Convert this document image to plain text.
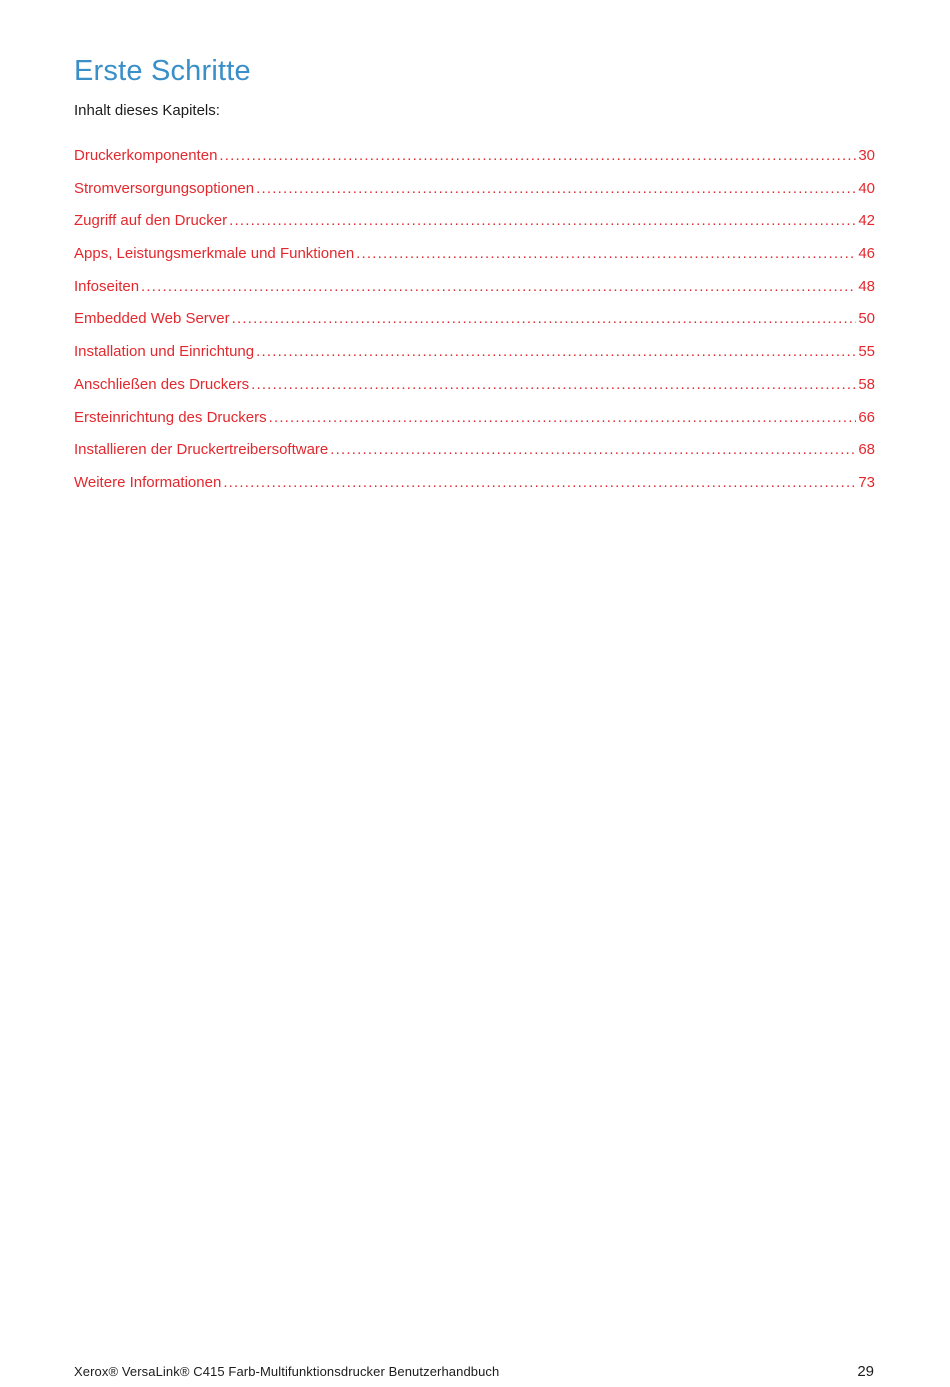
Erste Schritte
Inhalt dieses Kapitels:
Druckerkomponenten .....	30
Stromversorgungsoptionen .....	40
Zugriff auf den Drucker .....	42
Apps, Leistungsmerkmale und Funktionen .....	46
Infoseiten .....	48
Embedded Web Server .....	50
Installation und Einrichtung .....	55
Anschließen des Druckers .....	58
Ersteinrichtung des Druckers .....	66
Installieren der Druckertreibersoftware .....	68
Weitere Informationen .....	73
Xerox® VersaLink® C415 Farb-Multifunktionsdrucker Benutzerhandbuch	29
